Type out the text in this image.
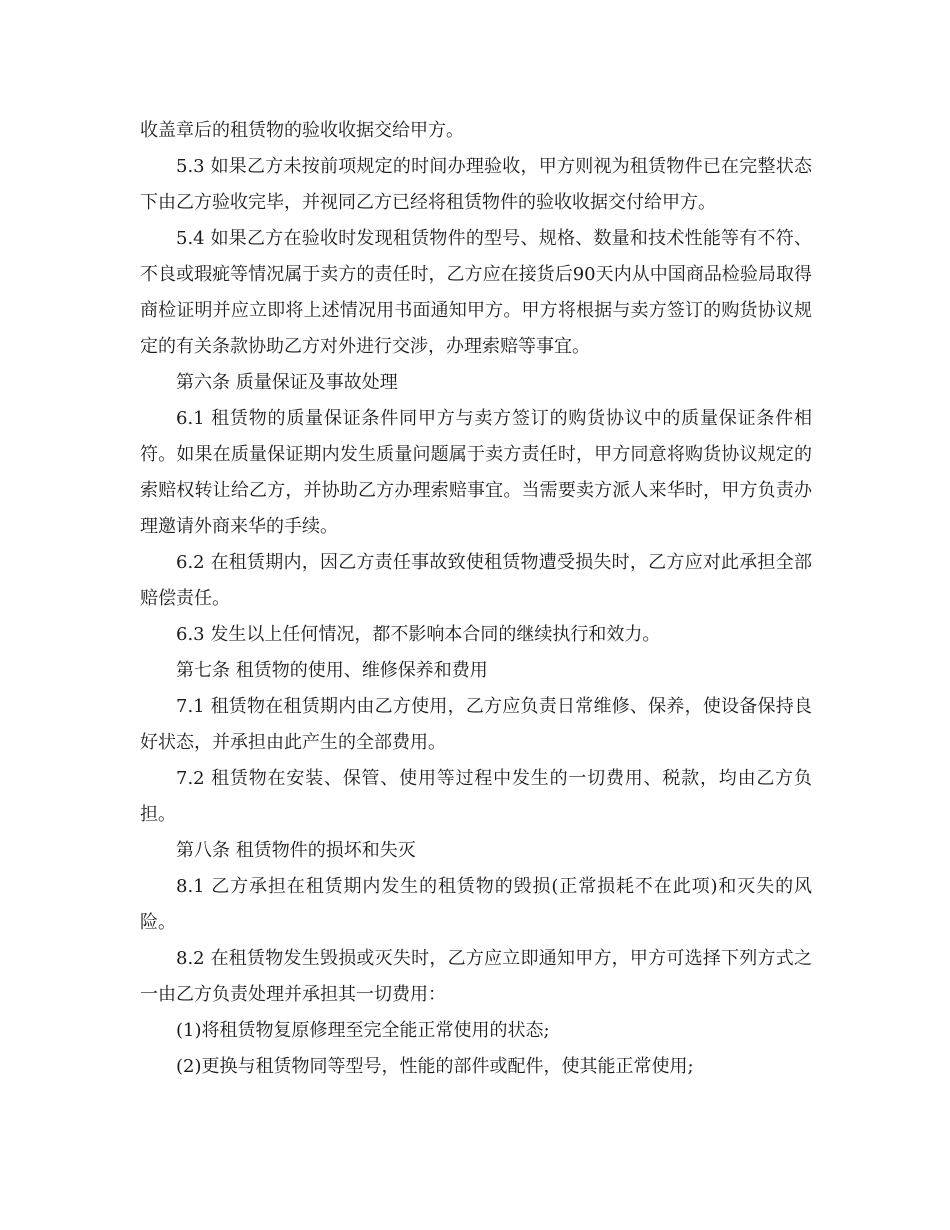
收盖章后的租赁物的验收收据交给甲方。

5.3 如果乙方未按前项规定的时间办理验收，甲方则视为租赁物件已在完整状态下由乙方验收完毕，并视同乙方已经将租赁物件的验收收据交付给甲方。

5.4 如果乙方在验收时发现租赁物件的型号、规格、数量和技术性能等有不符、不良或瑕疵等情况属于卖方的责任时，乙方应在接货后90天内从中国商品检验局取得商检证明并应立即将上述情况用书面通知甲方。甲方将根据与卖方签订的购货协议规定的有关条款协助乙方对外进行交涉，办理索赔等事宜。

第六条 质量保证及事故处理

6.1 租赁物的质量保证条件同甲方与卖方签订的购货协议中的质量保证条件相符。如果在质量保证期内发生质量问题属于卖方责任时，甲方同意将购货协议规定的索赔权转让给乙方，并协助乙方办理索赔事宜。当需要卖方派人来华时，甲方负责办理邀请外商来华的手续。

6.2 在租赁期内，因乙方责任事故致使租赁物遭受损失时，乙方应对此承担全部赔偿责任。

6.3 发生以上任何情况，都不影响本合同的继续执行和效力。

第七条 租赁物的使用、维修保养和费用

7.1 租赁物在租赁期内由乙方使用，乙方应负责日常维修、保养，使设备保持良好状态，并承担由此产生的全部费用。

7.2 租赁物在安装、保管、使用等过程中发生的一切费用、税款，均由乙方负担。

第八条 租赁物件的损坏和失灭

8.1 乙方承担在租赁期内发生的租赁物的毁损(正常损耗不在此项)和灭失的风险。

8.2 在租赁物发生毁损或灭失时，乙方应立即通知甲方，甲方可选择下列方式之一由乙方负责处理并承担其一切费用：

(1)将租赁物复原修理至完全能正常使用的状态;

(2)更换与租赁物同等型号，性能的部件或配件，使其能正常使用;
